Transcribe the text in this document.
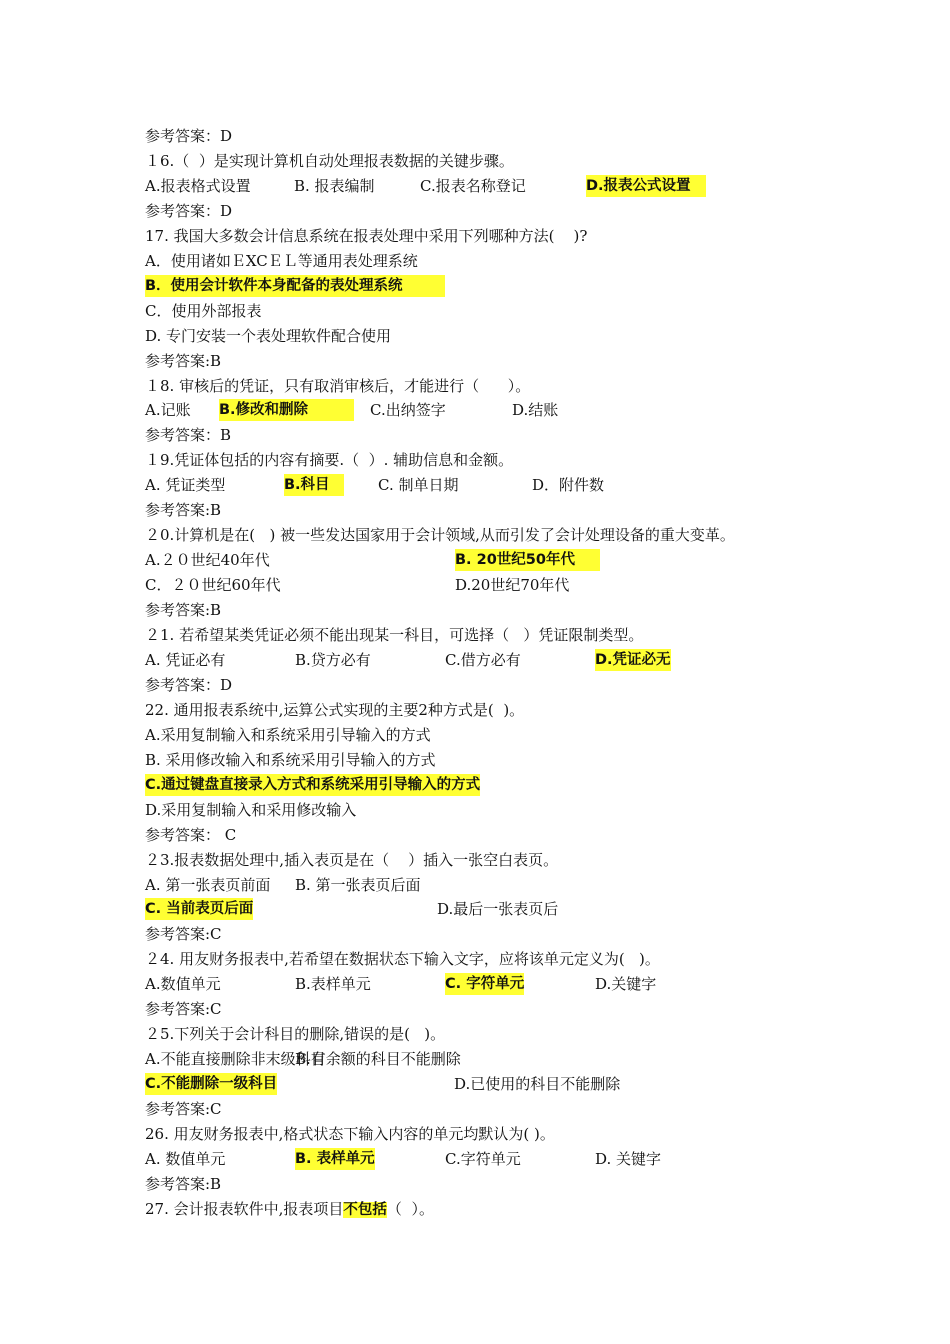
参考答案：D
１6.（  ）是实现计算机自动处理报表数据的关键步骤。
A.报表格式设置	B. 报表编制	C.报表名称登记	D.报表公式设置
参考答案：D
17. 我国大多数会计信息系统在报表处理中采用下列哪种方法(    )?
A．使用诸如ＥXCＥＬ等通用表处理系统
B．使用会计软件本身配备的表处理系统
C．使用外部报表
D. 专门安装一个表处理软件配合使用
参考答案:B
１8. 审核后的凭证，只有取消审核后，才能进行（      ）。
A.记账 B.修改和删除	C.出纳签字	D.结账
参考答案：B
１9.凭证体包括的内容有摘要.（  ）. 辅助信息和金额。
A. 凭证类型	B.科目	C. 制单日期	D．附件数
参考答案:B
２0.计算机是在(   ) 被一些发达国家用于会计领域,从而引发了会计处理设备的重大变革。
A.２０世纪40年代	B. 20世纪50年代
C．２０世纪60年代	D.20世纪70年代
参考答案:B
２1. 若希望某类凭证必须不能出现某一科目，可选择（   ）凭证限制类型。
A. 凭证必有	B.贷方必有	C.借方必有	D.凭证必无
参考答案：D
22. 通用报表系统中,运算公式实现的主要2种方式是(  )。
A.采用复制输入和系统采用引导输入的方式
B. 采用修改输入和系统采用引导输入的方式
C.通过键盘直接录入方式和系统采用引导输入的方式
D.采用复制输入和采用修改输入
参考答案： C
２3.报表数据处理中,插入表页是在（    ）插入一张空白表页。
A. 第一张表页前面 B. 第一张表页后面
C. 当前表页后面	D.最后一张表页后
参考答案:C
２4. 用友财务报表中,若希望在数据状态下输入文字，应将该单元定义为(   )。
A.数值单元	B.表样单元	C. 字符单元	D.关键字
参考答案:C
２5.下列关于会计科目的删除,错误的是(   )。
A.不能直接删除非末级科目
B.有余额的科目不能删除
C.不能删除一级科目	D.已使用的科目不能删除
参考答案:C
26. 用友财务报表中,格式状态下输入内容的单元均默认为( )。
A. 数值单元	B. 表样单元	C.字符单元	D. 关键字
参考答案:B
27. 会计报表软件中,报表项目不包括（  ）。
